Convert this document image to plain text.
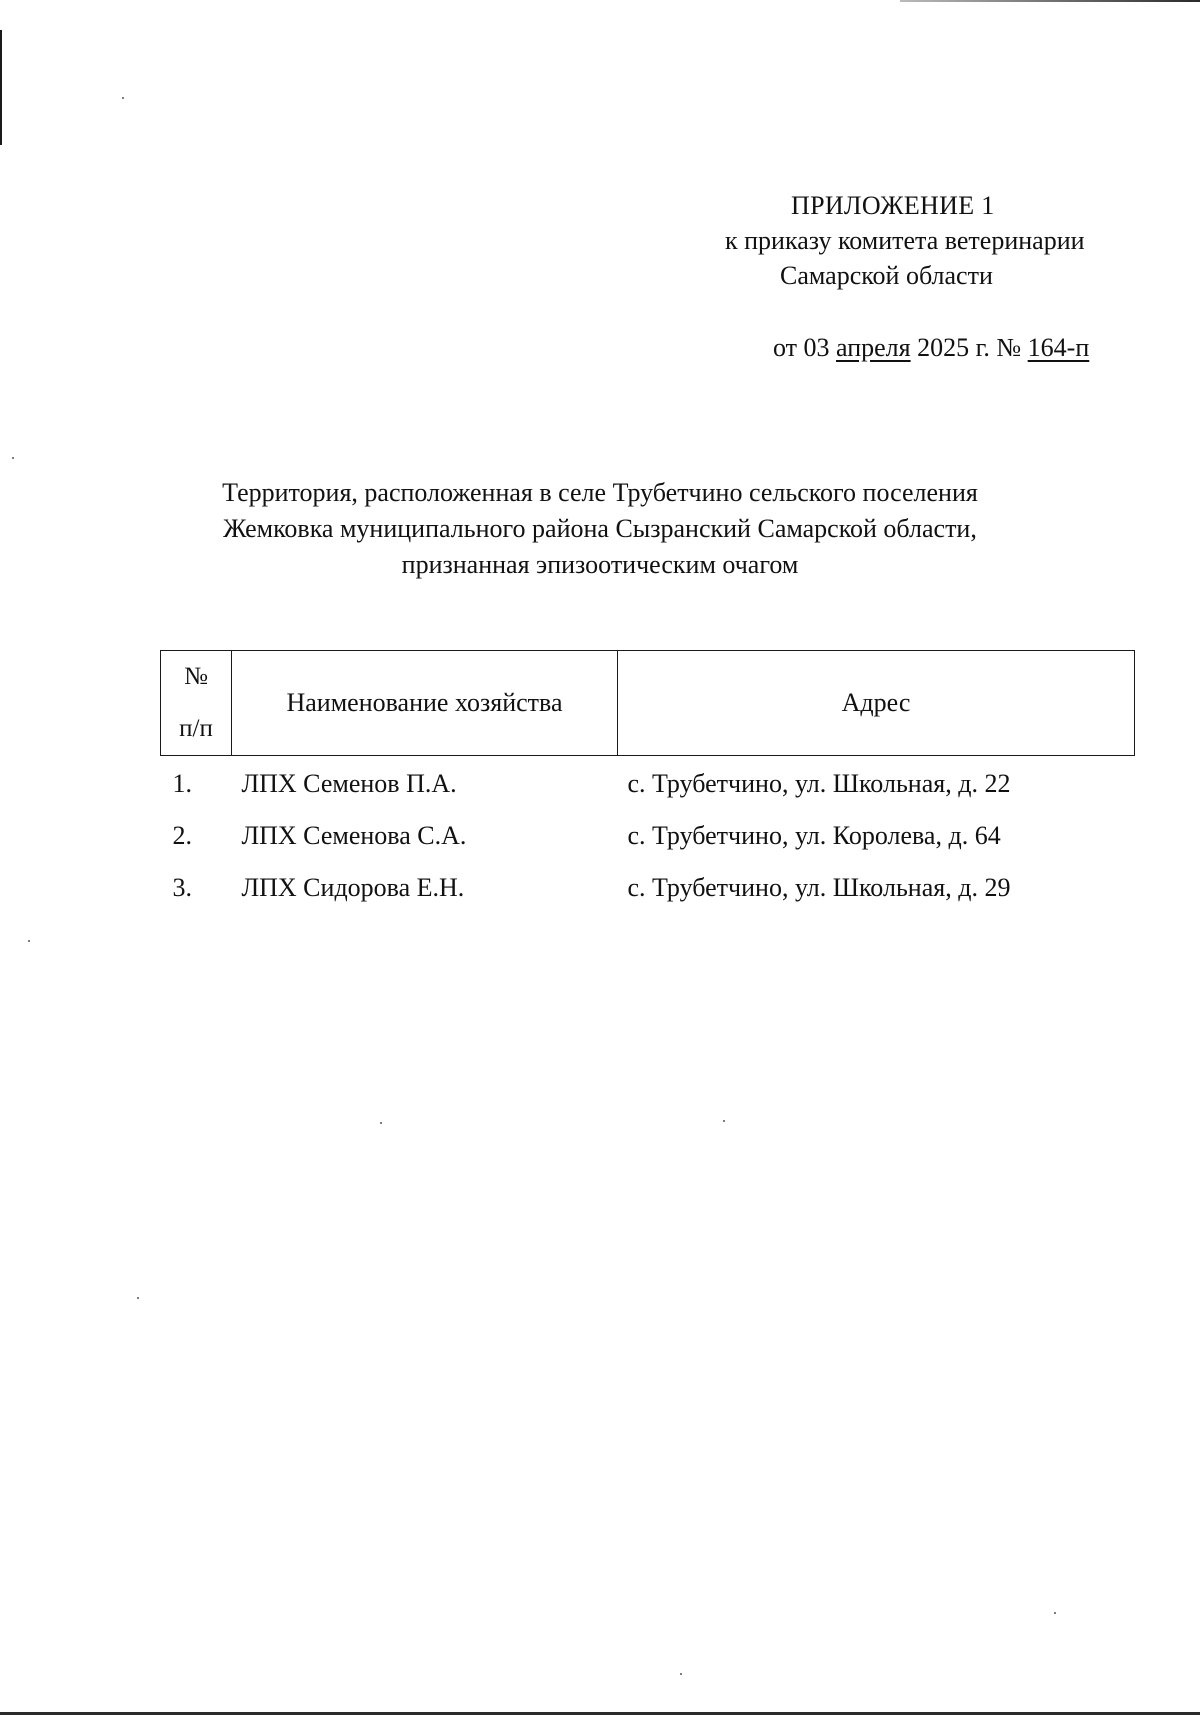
ПРИЛОЖЕНИЕ 1
к приказу комитета ветеринарии
Самарской области
от 03 апреля 2025 г. № 164-п
Территория, расположенная в селе Трубетчино сельского поселения
Жемковка муниципального района Сызранский Самарской области,
признанная эпизоотическим очагом
№
п/п	Наименование хозяйства	Адрес
1.	ЛПХ Семенов П.А.	с. Трубетчино, ул. Школьная, д. 22
2.	ЛПХ Семенова С.А.	с. Трубетчино, ул. Королева, д. 64
3.	ЛПХ Сидорова Е.Н.	с. Трубетчино, ул. Школьная, д. 29
